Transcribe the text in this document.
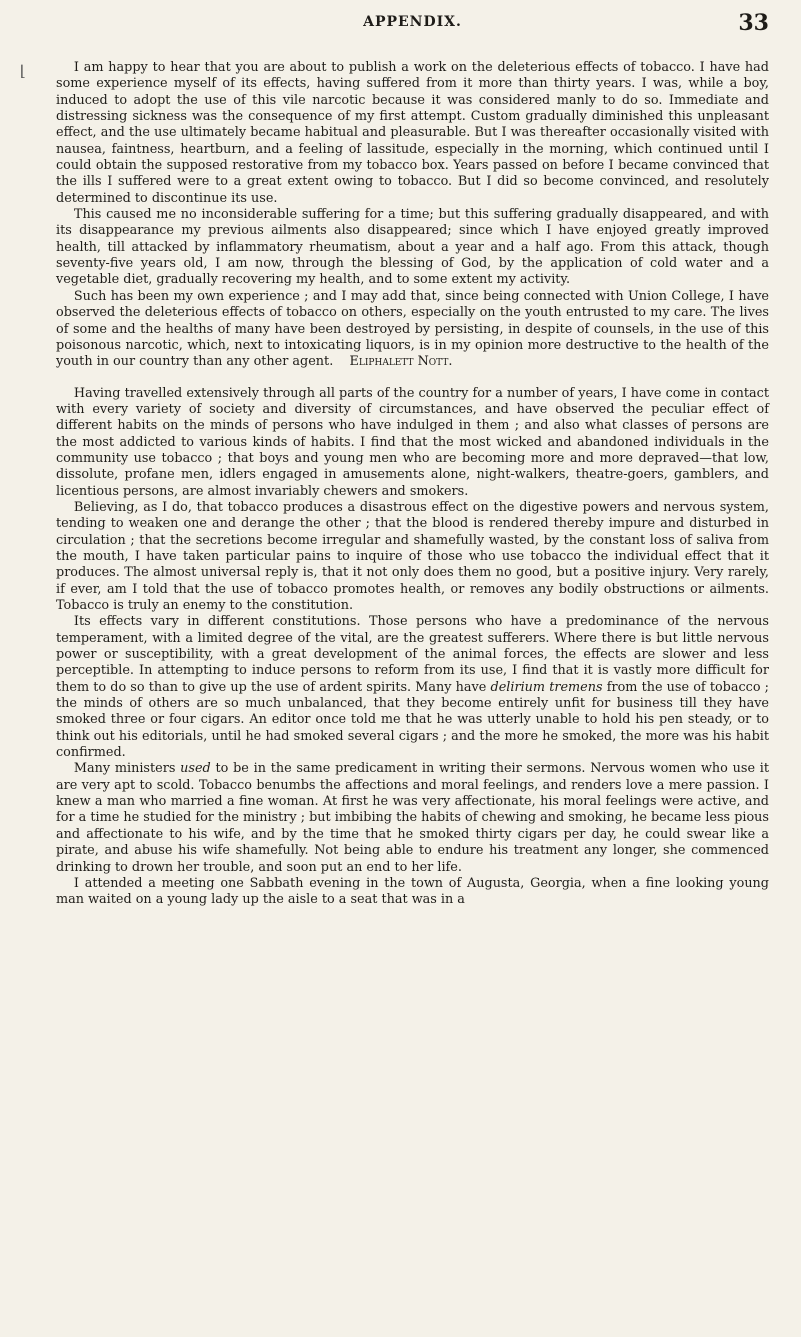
APPENDIX.	33
⌊	I am happy to hear that you are about to publish a work on the deleterious effects of tobacco. I have had some experience myself of its effects, having suffered from it more than thirty years. I was, while a boy, induced to adopt the use of this vile narcotic because it was considered manly to do so. Immediate and distressing sickness was the consequence of my first attempt. Custom gradually diminished this unpleasant effect, and the use ultimately became habitual and pleasurable. But I was thereafter occasionally visited with nausea, faintness, heartburn, and a feeling of lassitude, especially in the morning, which continued until I could obtain the supposed restorative from my tobacco box. Years passed on before I became convinced that the ills I suffered were to a great extent owing to tobacco. But I did so become convinced, and resolutely determined to discontinue its use.

This caused me no inconsiderable suffering for a time; but this suffering gradually disappeared, and with its disappearance my previous ailments also disappeared; since which I have enjoyed greatly improved health, till attacked by inflammatory rheumatism, about a year and a half ago. From this attack, though seventy-five years old, I am now, through the blessing of God, by the application of cold water and a vegetable diet, gradually recovering my health, and to some extent my activity.

Such has been my own experience ; and I may add that, since being connected with Union College, I have observed the deleterious effects of tobacco on others, especially on the youth entrusted to my care. The lives of some and the healths of many have been destroyed by persisting, in despite of counsels, in the use of this poisonous narcotic, which, next to intoxicating liquors, is in my opinion more destructive to the health of the youth in our country than any other agent. Eliphalett Nott.

Having travelled extensively through all parts of the country for a number of years, I have come in contact with every variety of society and diversity of circumstances, and have observed the peculiar effect of different habits on the minds of persons who have indulged in them ; and also what classes of persons are the most addicted to various kinds of habits. I find that the most wicked and abandoned individuals in the community use tobacco ; that boys and young men who are becoming more and more depraved—that low, dissolute, profane men, idlers engaged in amusements alone, night-walkers, theatre-goers, gamblers, and licentious persons, are almost invariably chewers and smokers.

Believing, as I do, that tobacco produces a disastrous effect on the digestive powers and nervous system, tending to weaken one and derange the other ; that the blood is rendered thereby impure and disturbed in circulation ; that the secretions become irregular and shamefully wasted, by the constant loss of saliva from the mouth, I have taken particular pains to inquire of those who use tobacco the individual effect that it produces. The almost universal reply is, that it not only does them no good, but a positive injury. Very rarely, if ever, am I told that the use of tobacco promotes health, or removes any bodily obstructions or ailments. Tobacco is truly an enemy to the constitution.

Its effects vary in different constitutions. Those persons who have a predominance of the nervous temperament, with a limited degree of the vital, are the greatest sufferers. Where there is but little nervous power or susceptibility, with a great development of the animal forces, the effects are slower and less perceptible. In attempting to induce persons to reform from its use, I find that it is vastly more difficult for them to do so than to give up the use of ardent spirits. Many have delirium tremens from the use of tobacco ; the minds of others are so much unbalanced, that they become entirely unfit for business till they have smoked three or four cigars. An editor once told me that he was utterly unable to hold his pen steady, or to think out his editorials, until he had smoked several cigars ; and the more he smoked, the more was his habit confirmed.

Many ministers used to be in the same predicament in writing their sermons. Nervous women who use it are very apt to scold. Tobacco benumbs the affections and moral feelings, and renders love a mere passion. I knew a man who married a fine woman. At first he was very affectionate, his moral feelings were active, and for a time he studied for the ministry ; but imbibing the habits of chewing and smoking, he became less pious and affectionate to his wife, and by the time that he smoked thirty cigars per day, he could swear like a pirate, and abuse his wife shamefully. Not being able to endure his treatment any longer, she commenced drinking to drown her trouble, and soon put an end to her life.

I attended a meeting one Sabbath evening in the town of Augusta, Georgia, when a fine looking young man waited on a young lady up the aisle to a seat that was in a
